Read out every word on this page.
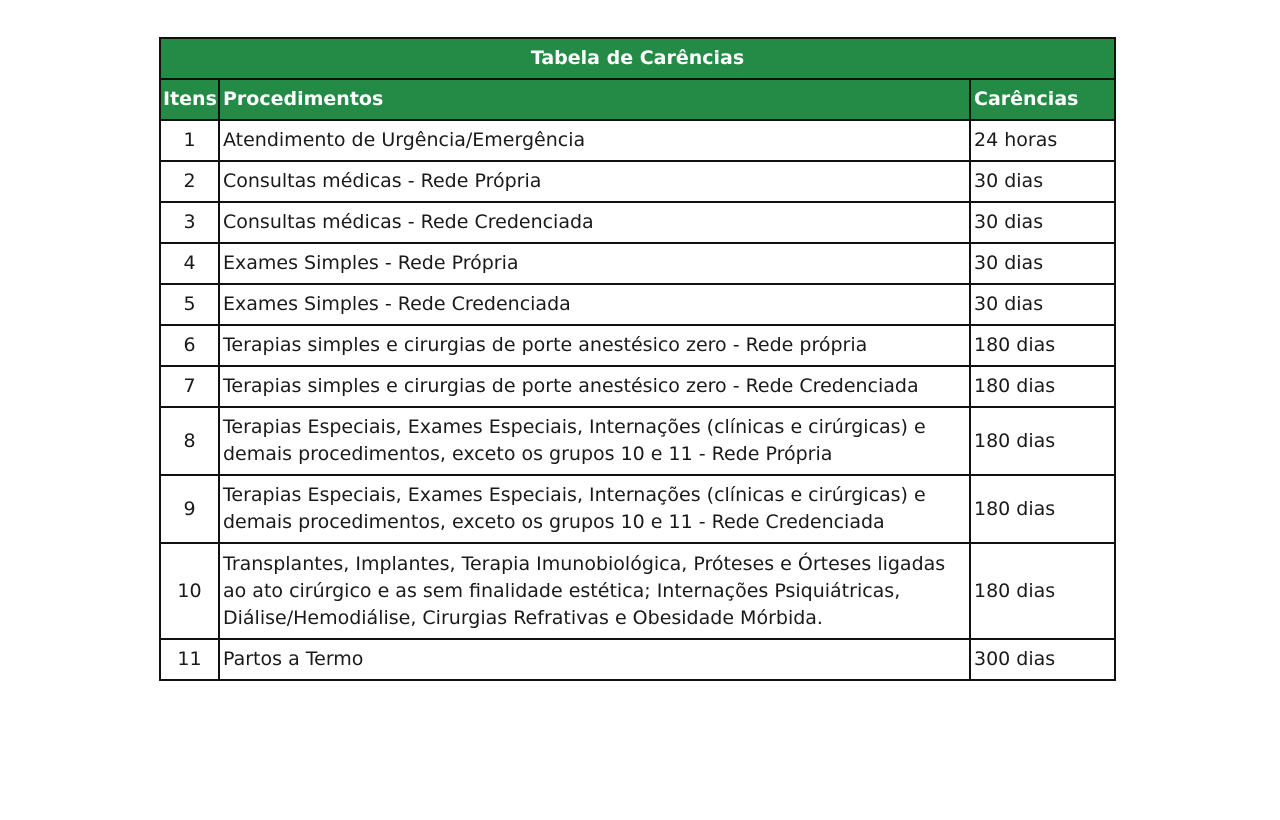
Tabela de Carências		
Itens	Procedimentos	Carências
1	Atendimento de Urgência/Emergência	24 horas
2	Consultas médicas - Rede Própria	30 dias
3	Consultas médicas - Rede Credenciada	30 dias
4	Exames Simples - Rede Própria	30 dias
5	Exames Simples - Rede Credenciada	30 dias
6	Terapias simples e cirurgias de porte anestésico zero - Rede própria	180 dias
7	Terapias simples e cirurgias de porte anestésico zero - Rede Credenciada	180 dias
8	Terapias Especiais, Exames Especiais, Internações (clínicas e cirúrgicas) e
demais procedimentos, exceto os grupos 10 e 11 - Rede Própria	180 dias
9	Terapias Especiais, Exames Especiais, Internações (clínicas e cirúrgicas) e
demais procedimentos, exceto os grupos 10 e 11 - Rede Credenciada	180 dias
10	Transplantes, Implantes, Terapia Imunobiológica, Próteses e Órteses ligadas
ao ato cirúrgico e as sem finalidade estética; Internações Psiquiátricas,
Diálise/Hemodiálise, Cirurgias Refrativas e Obesidade Mórbida.	180 dias
11	Partos a Termo	300 dias
